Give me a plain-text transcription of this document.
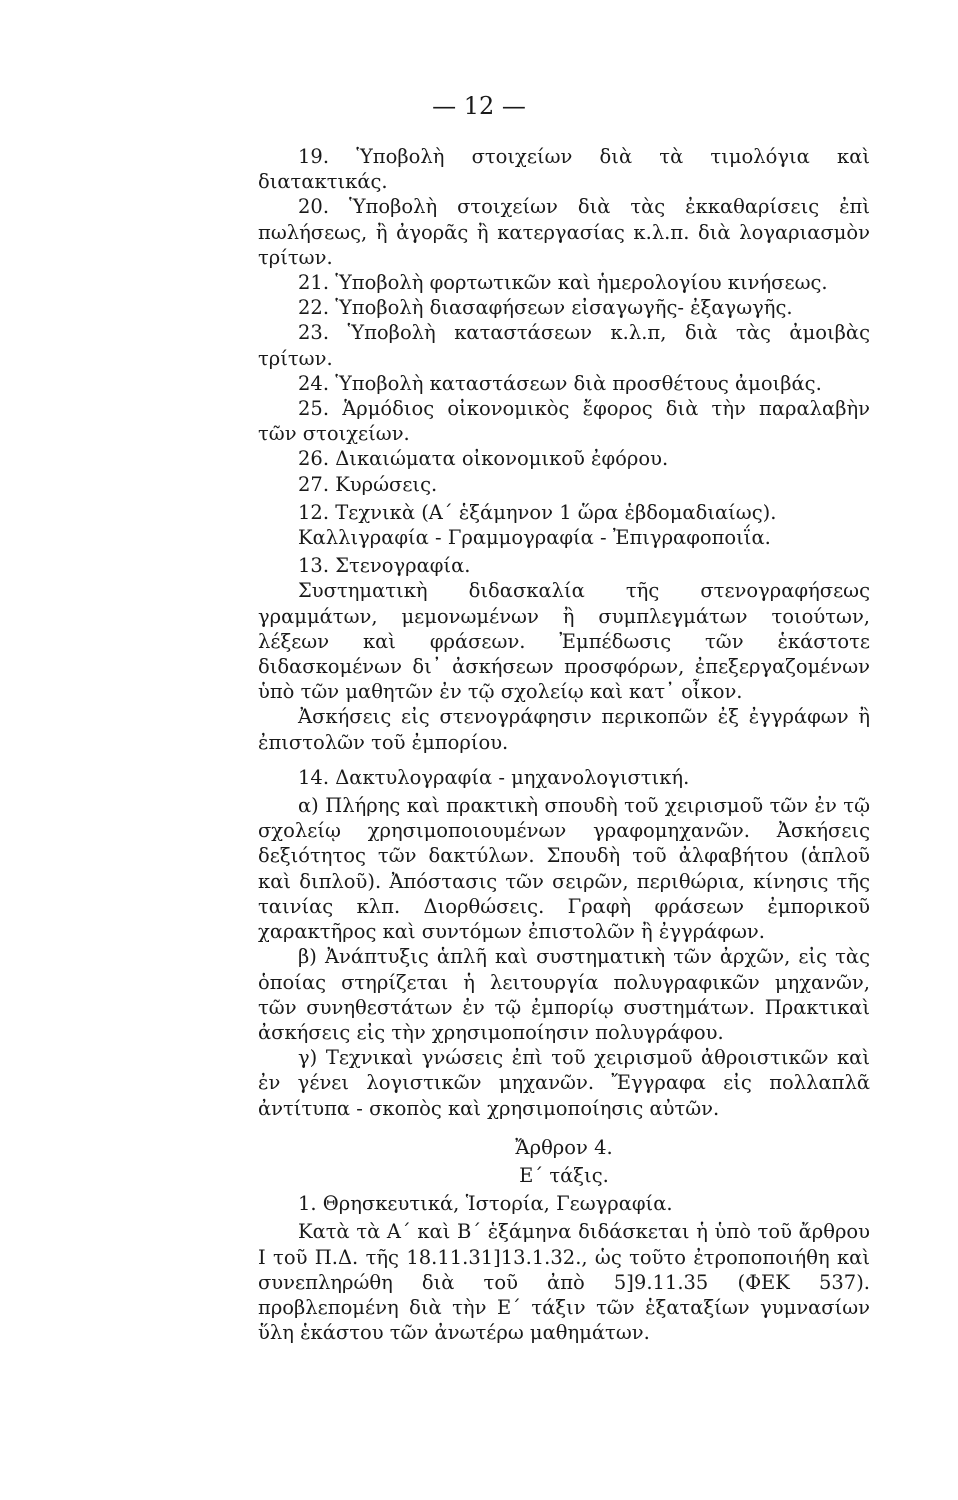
— 12 —

19. Ὑποβολὴ στοιχείων διὰ τὰ τιμολόγια καὶ διατακτικάς.

20. Ὑποβολὴ στοιχείων διὰ τὰς ἐκκαθαρίσεις ἐπὶ πωλήσεως, ἢ ἀγορᾶς ἢ κατεργασίας κ.λ.π. διὰ λογαριασμὸν τρίτων.

21. Ὑποβολὴ φορτωτικῶν καὶ ἡμερολογίου κινήσεως.

22. Ὑποβολὴ διασαφήσεων εἰσαγωγῆς- ἐξαγωγῆς.

23. Ὑποβολὴ καταστάσεων κ.λ.π, διὰ τὰς ἀμοιβὰς τρίτων.

24. Ὑποβολὴ καταστάσεων διὰ προσθέτους ἀμοιβάς.

25. Ἁρμόδιος οἰκονομικὸς ἔφορος διὰ τὴν παραλαβὴν τῶν στοιχείων.

26. Δικαιώματα οἰκονομικοῦ ἐφόρου.

27. Κυρώσεις.

12. Τεχνικὰ (Α΄ ἑξάμηνον 1 ὥρα ἑβδομαδιαίως).

Καλλιγραφία - Γραμμογραφία - Ἐπιγραφοποιΐα.

13. Στενογραφία.

Συστηματικὴ διδασκαλία τῆς στενογραφήσεως γραμμάτων, μεμονωμένων ἢ συμπλεγμάτων τοιούτων, λέξεων καὶ φράσεων. Ἐμπέδωσις τῶν ἑκάστοτε διδασκομένων δι᾽ ἀσκήσεων προσφόρων, ἐπεξεργαζομένων ὑπὸ τῶν μαθητῶν ἐν τῷ σχολείῳ καὶ κατ᾽ οἶκον.

Ἀσκήσεις εἰς στενογράφησιν περικοπῶν ἐξ ἐγγράφων ἢ ἐπιστολῶν τοῦ ἐμπορίου.

14. Δακτυλογραφία - μηχανολογιστική.

α) Πλήρης καὶ πρακτικὴ σπουδὴ τοῦ χειρισμοῦ τῶν ἐν τῷ σχολείῳ χρησιμοποιουμένων γραφομηχανῶν. Ἀσκήσεις δεξιότητος τῶν δακτύλων. Σπουδὴ τοῦ ἀλφαβήτου (ἁπλοῦ καὶ διπλοῦ). Ἀπόστασις τῶν σειρῶν, περιθώρια, κίνησις τῆς ταινίας κλπ. Διορθώσεις. Γραφὴ φράσεων ἐμπορικοῦ χαρακτῆρος καὶ συντόμων ἐπιστολῶν ἢ ἐγγράφων.

β) Ἀνάπτυξις ἁπλῆ καὶ συστηματικὴ τῶν ἀρχῶν, εἰς τὰς ὁποίας στηρίζεται ἡ λειτουργία πολυγραφικῶν μηχανῶν, τῶν συνηθεστάτων ἐν τῷ ἐμπορίῳ συστημάτων. Πρακτικαὶ ἀσκήσεις εἰς τὴν χρησιμοποίησιν πολυγράφου.

γ) Τεχνικαὶ γνώσεις ἐπὶ τοῦ χειρισμοῦ ἀθροιστικῶν καὶ ἐν γένει λογιστικῶν μηχανῶν. Ἔγγραφα εἰς πολλαπλᾶ ἀντίτυπα - σκοπὸς καὶ χρησιμοποίησις αὐτῶν.

Ἄρθρον 4.

Ε΄ τάξις.

1. Θρησκευτικά, Ἱστορία, Γεωγραφία.

Κατὰ τὰ Α΄ καὶ Β΄ ἑξάμηνα διδάσκεται ἡ ὑπὸ τοῦ ἄρθρου Ι τοῦ Π.Δ. τῆς 18.11.31]13.1.32., ὡς τοῦτο ἐτροποποιήθη καὶ συνεπληρώθη διὰ τοῦ ἀπὸ 5]9.11.35 (ΦΕΚ 537). προβλεπομένη διὰ τὴν Ε΄ τάξιν τῶν ἑξαταξίων γυμνασίων ὕλη ἑκάστου τῶν ἀνωτέρω μαθημάτων.
